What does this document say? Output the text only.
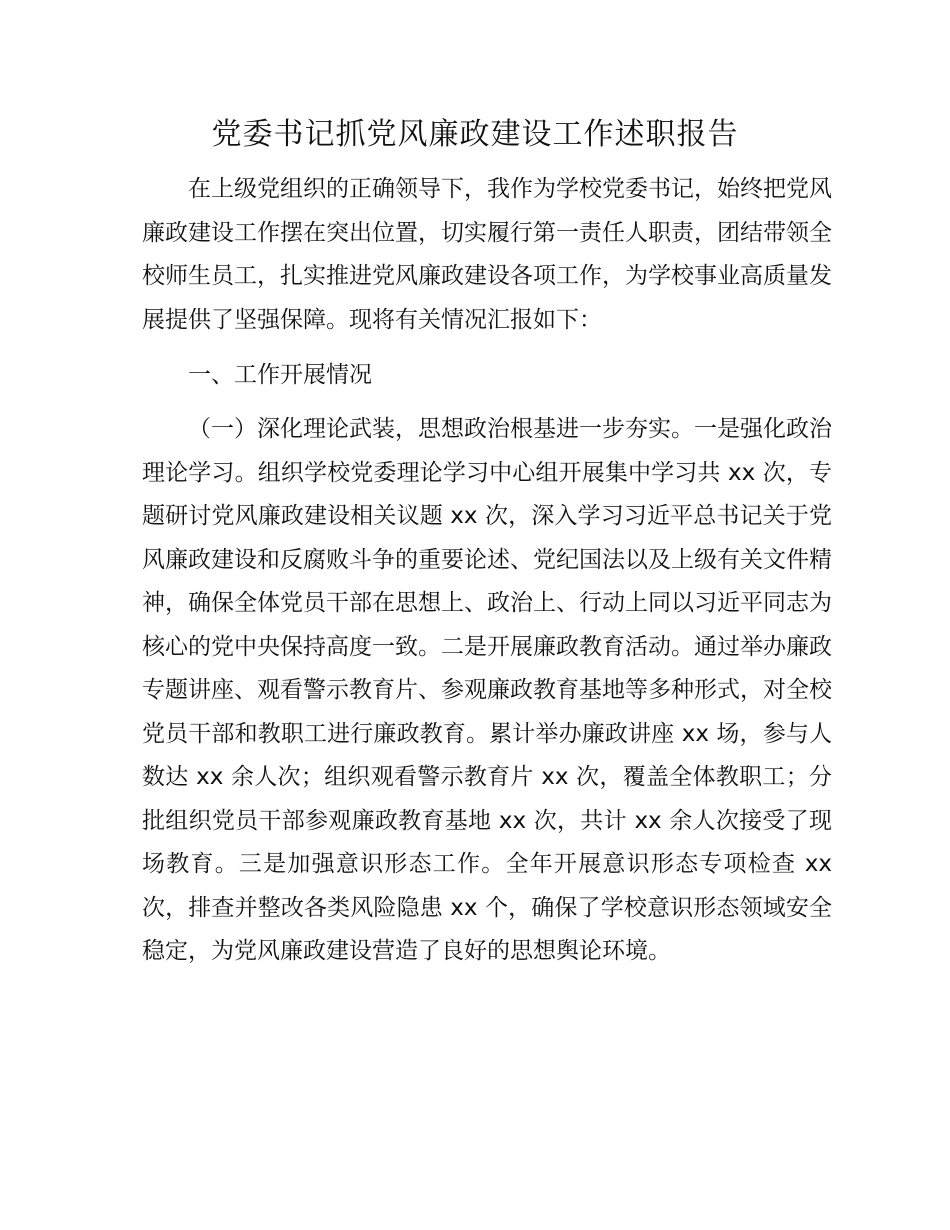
党委书记抓党风廉政建设工作述职报告

在上级党组织的正确领导下，我作为学校党委书记，始终把党风廉政建设工作摆在突出位置，切实履行第一责任人职责，团结带领全校师生员工，扎实推进党风廉政建设各项工作，为学校事业高质量发展提供了坚强保障。现将有关情况汇报如下：

一、工作开展情况

（一）深化理论武装，思想政治根基进一步夯实。一是强化政治理论学习。组织学校党委理论学习中心组开展集中学习共 xx 次，专题研讨党风廉政建设相关议题 xx 次，深入学习习近平总书记关于党风廉政建设和反腐败斗争的重要论述、党纪国法以及上级有关文件精神，确保全体党员干部在思想上、政治上、行动上同以习近平同志为核心的党中央保持高度一致。二是开展廉政教育活动。通过举办廉政专题讲座、观看警示教育片、参观廉政教育基地等多种形式，对全校党员干部和教职工进行廉政教育。累计举办廉政讲座 xx 场，参与人数达 xx 余人次；组织观看警示教育片 xx 次，覆盖全体教职工；分批组织党员干部参观廉政教育基地 xx 次，共计 xx 余人次接受了现场教育。三是加强意识形态工作。全年开展意识形态专项检查 xx 次，排查并整改各类风险隐患 xx 个，确保了学校意识形态领域安全稳定，为党风廉政建设营造了良好的思想舆论环境。
